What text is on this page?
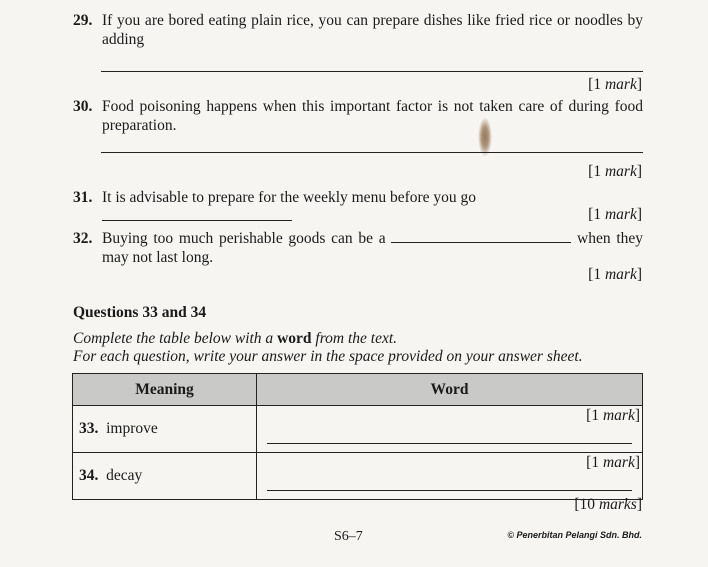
29. If you are bored eating plain rice, you can prepare dishes like fried rice or noodles by adding
[1 mark]
30. Food poisoning happens when this important factor is not taken care of during food preparation.
[1 mark]
31. It is advisable to prepare for the weekly menu before you go
[1 mark]
32. Buying too much perishable goods can be a	when they may not last long.
[1 mark]
Questions 33 and 34
Complete the table below with a word from the text.
For each question, write your answer in the space provided on your answer sheet.
Meaning	Word
33. improve	[1 mark]

34. decay	[1 mark]
[10 marks]
S6–7	© Penerbitan Pelangi Sdn. Bhd.
